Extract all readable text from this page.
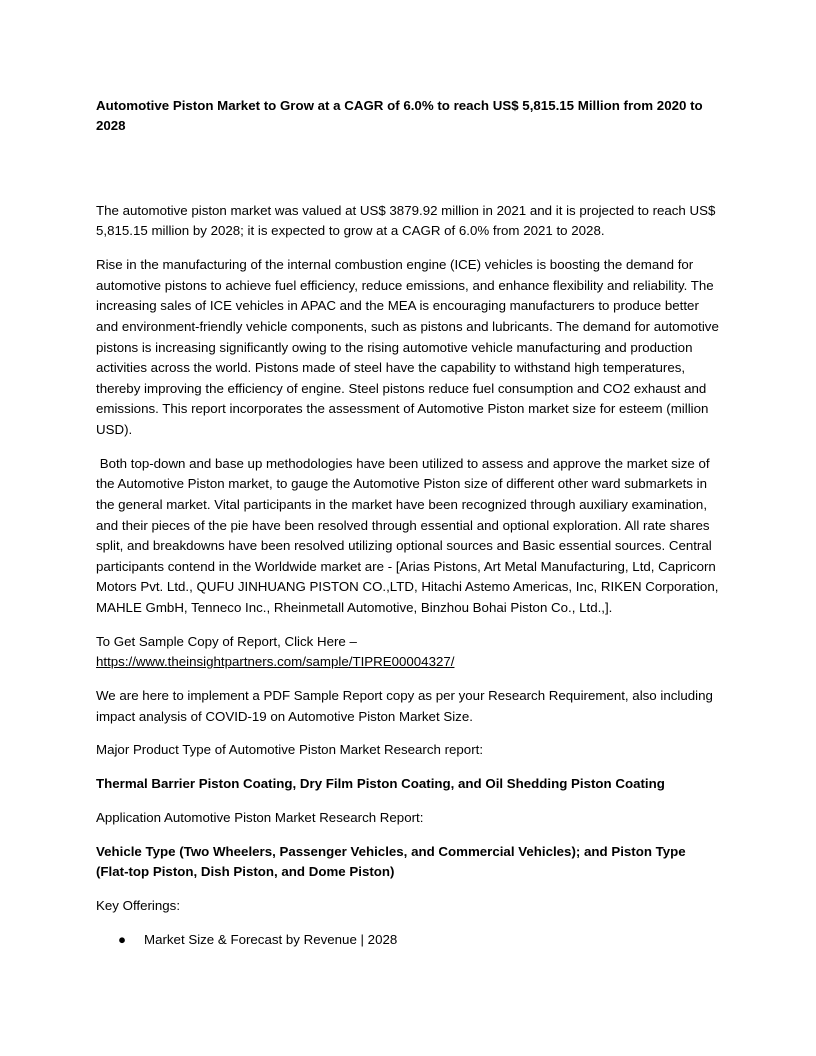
Automotive Piston Market to Grow at a CAGR of 6.0% to reach US$ 5,815.15 Million from 2020 to 2028

The automotive piston market was valued at US$ 3879.92 million in 2021 and it is projected to reach US$ 5,815.15 million by 2028; it is expected to grow at a CAGR of 6.0% from 2021 to 2028.

Rise in the manufacturing of the internal combustion engine (ICE) vehicles is boosting the demand for automotive pistons to achieve fuel efficiency, reduce emissions, and enhance flexibility and reliability. The increasing sales of ICE vehicles in APAC and the MEA is encouraging manufacturers to produce better and environment-friendly vehicle components, such as pistons and lubricants. The demand for automotive pistons is increasing significantly owing to the rising automotive vehicle manufacturing and production activities across the world. Pistons made of steel have the capability to withstand high temperatures, thereby improving the efficiency of engine. Steel pistons reduce fuel consumption and CO2 exhaust and emissions. This report incorporates the assessment of Automotive Piston market size for esteem (million USD).

Both top-down and base up methodologies have been utilized to assess and approve the market size of the Automotive Piston market, to gauge the Automotive Piston size of different other ward submarkets in the general market. Vital participants in the market have been recognized through auxiliary examination, and their pieces of the pie have been resolved through essential and optional exploration. All rate shares split, and breakdowns have been resolved utilizing optional sources and Basic essential sources. Central participants contend in the Worldwide market are - [Arias Pistons, Art Metal Manufacturing, Ltd, Capricorn Motors Pvt. Ltd., QUFU JINHUANG PISTON CO.,LTD, Hitachi Astemo Americas, Inc, RIKEN Corporation, MAHLE GmbH, Tenneco Inc., Rheinmetall Automotive, Binzhou Bohai Piston Co., Ltd.,].

To Get Sample Copy of Report, Click Here –
https://www.theinsightpartners.com/sample/TIPRE00004327/

We are here to implement a PDF Sample Report copy as per your Research Requirement, also including impact analysis of COVID-19 on Automotive Piston Market Size.

Major Product Type of Automotive Piston Market Research report:

Thermal Barrier Piston Coating, Dry Film Piston Coating, and Oil Shedding Piston Coating

Application Automotive Piston Market Research Report:

Vehicle Type (Two Wheelers, Passenger Vehicles, and Commercial Vehicles); and Piston Type (Flat-top Piston, Dish Piston, and Dome Piston)

Key Offerings:

● Market Size & Forecast by Revenue | 2028
